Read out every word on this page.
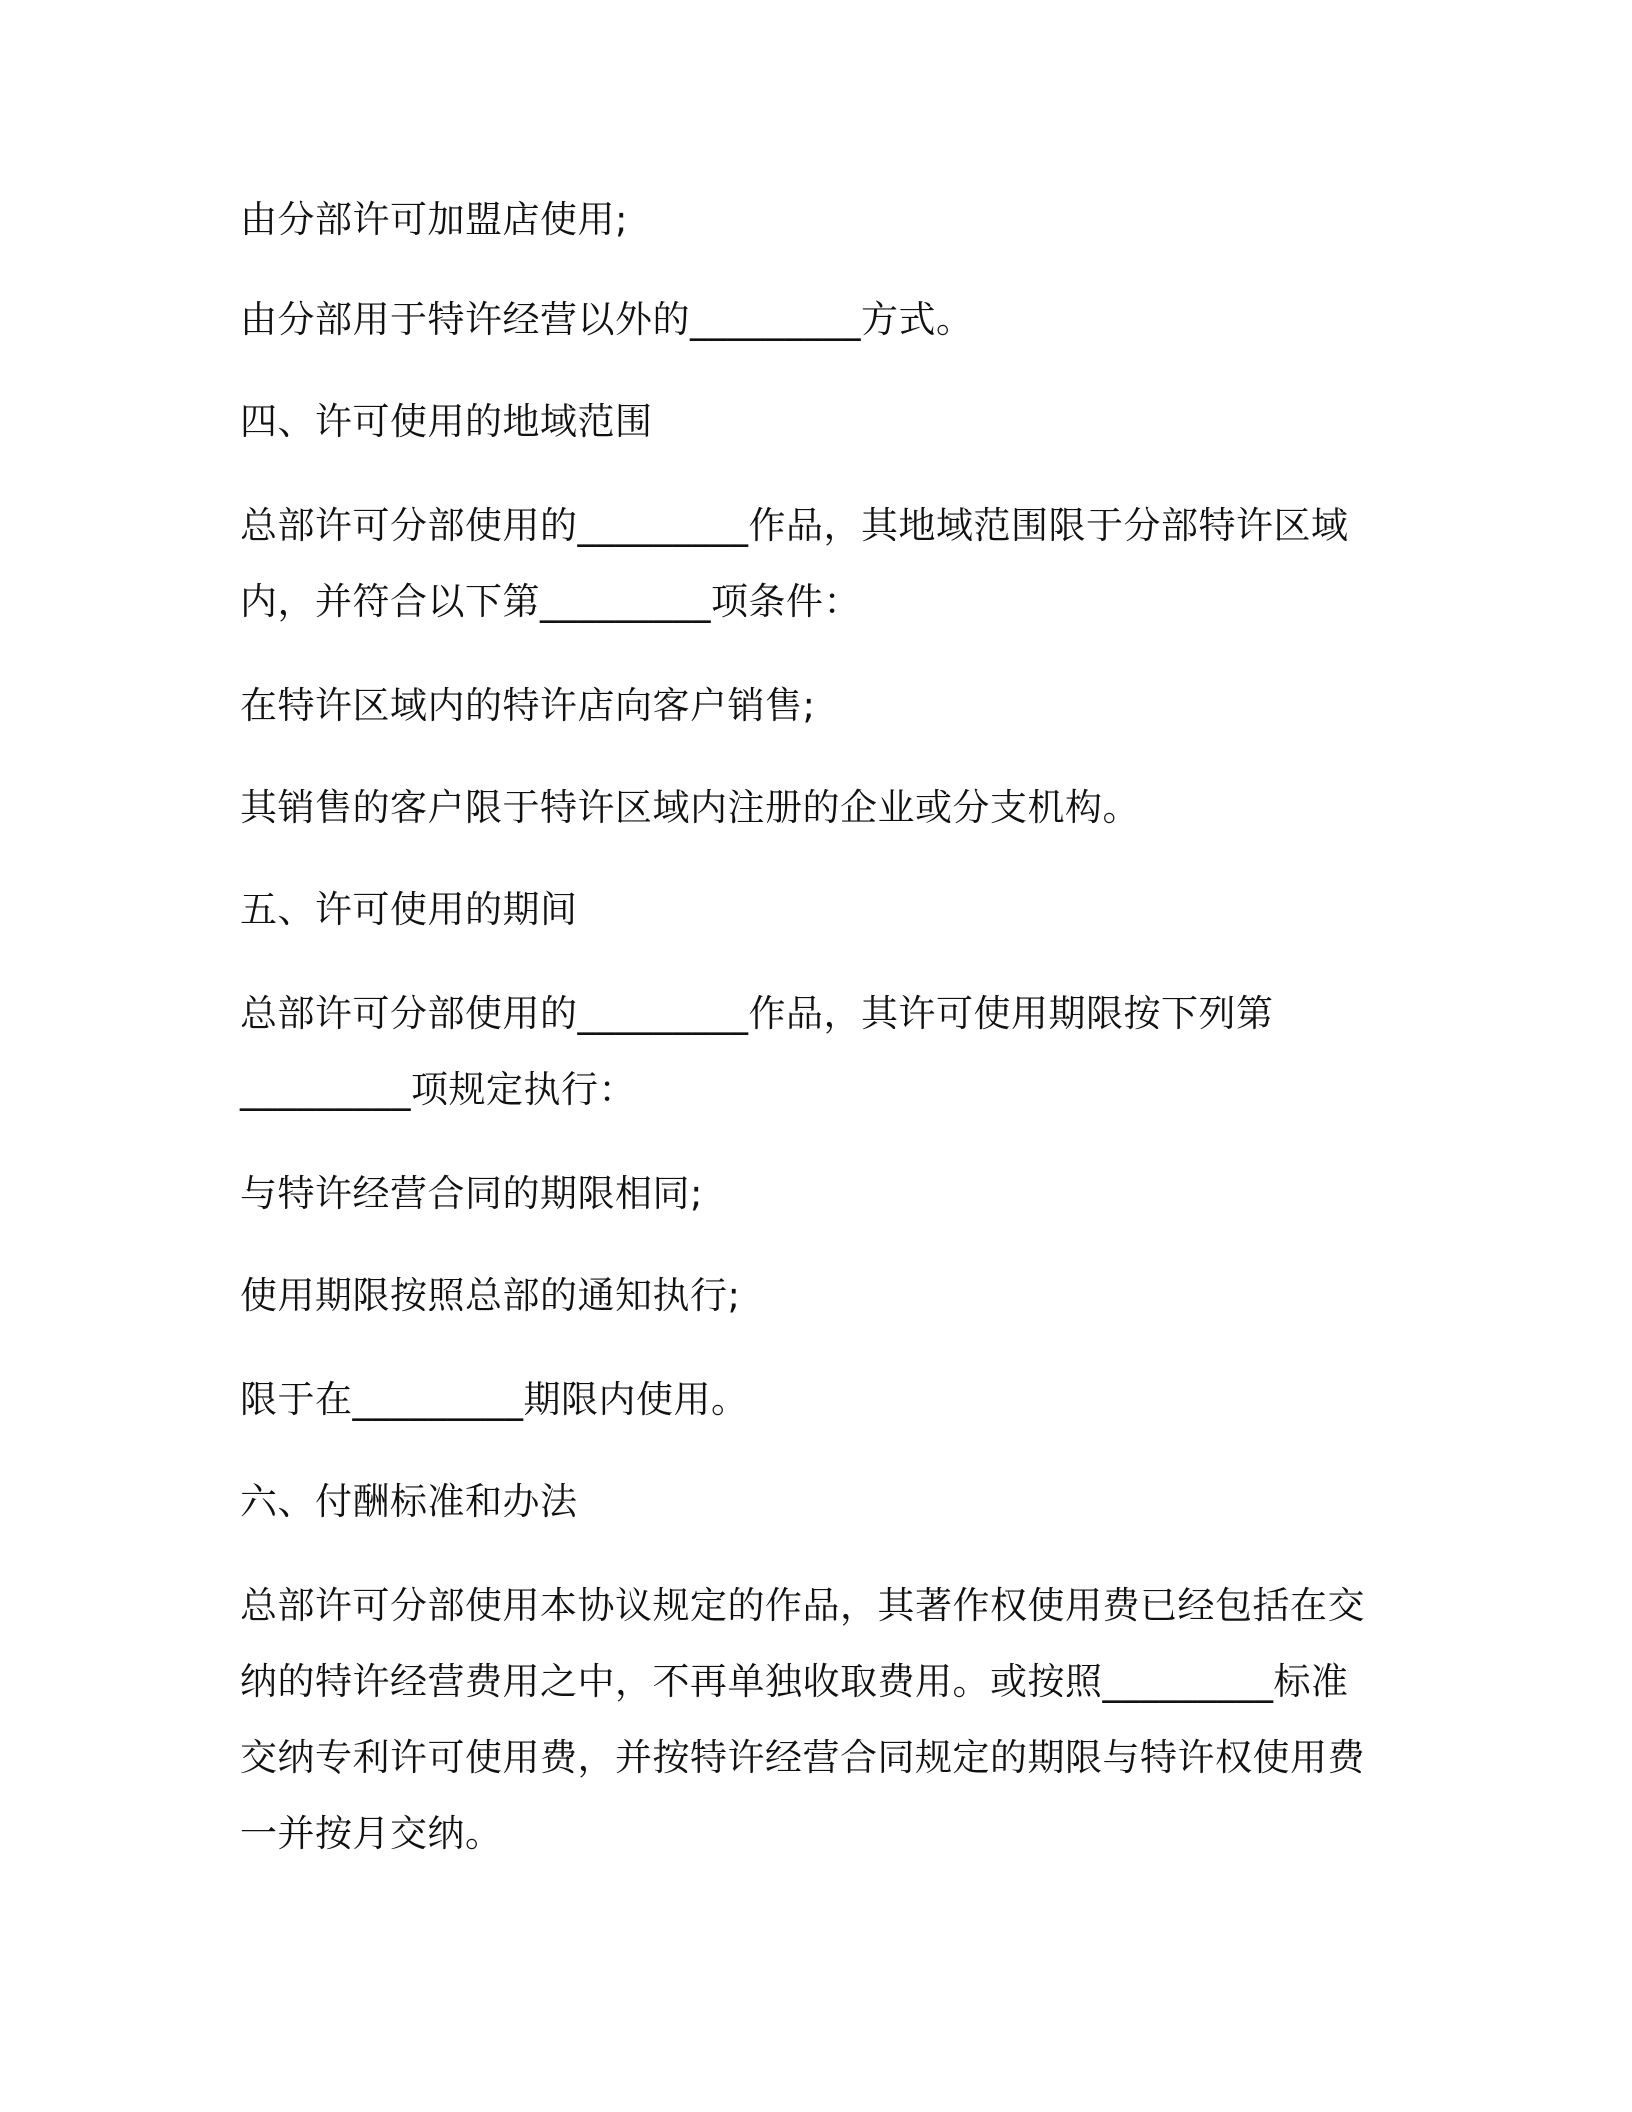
由分部许可加盟店使用;

由分部用于特许经营以外的_________方式。

四、许可使用的地域范围

总部许可分部使用的_________作品，其地域范围限于分部特许区域
内，并符合以下第_________项条件：

在特许区域内的特许店向客户销售;

其销售的客户限于特许区域内注册的企业或分支机构。

五、许可使用的期间

总部许可分部使用的_________作品，其许可使用期限按下列第
_________项规定执行：

与特许经营合同的期限相同;

使用期限按照总部的通知执行;

限于在_________期限内使用。

六、付酬标准和办法

总部许可分部使用本协议规定的作品，其著作权使用费已经包括在交
纳的特许经营费用之中，不再单独收取费用。或按照_________标准
交纳专利许可使用费，并按特许经营合同规定的期限与特许权使用费
一并按月交纳。
